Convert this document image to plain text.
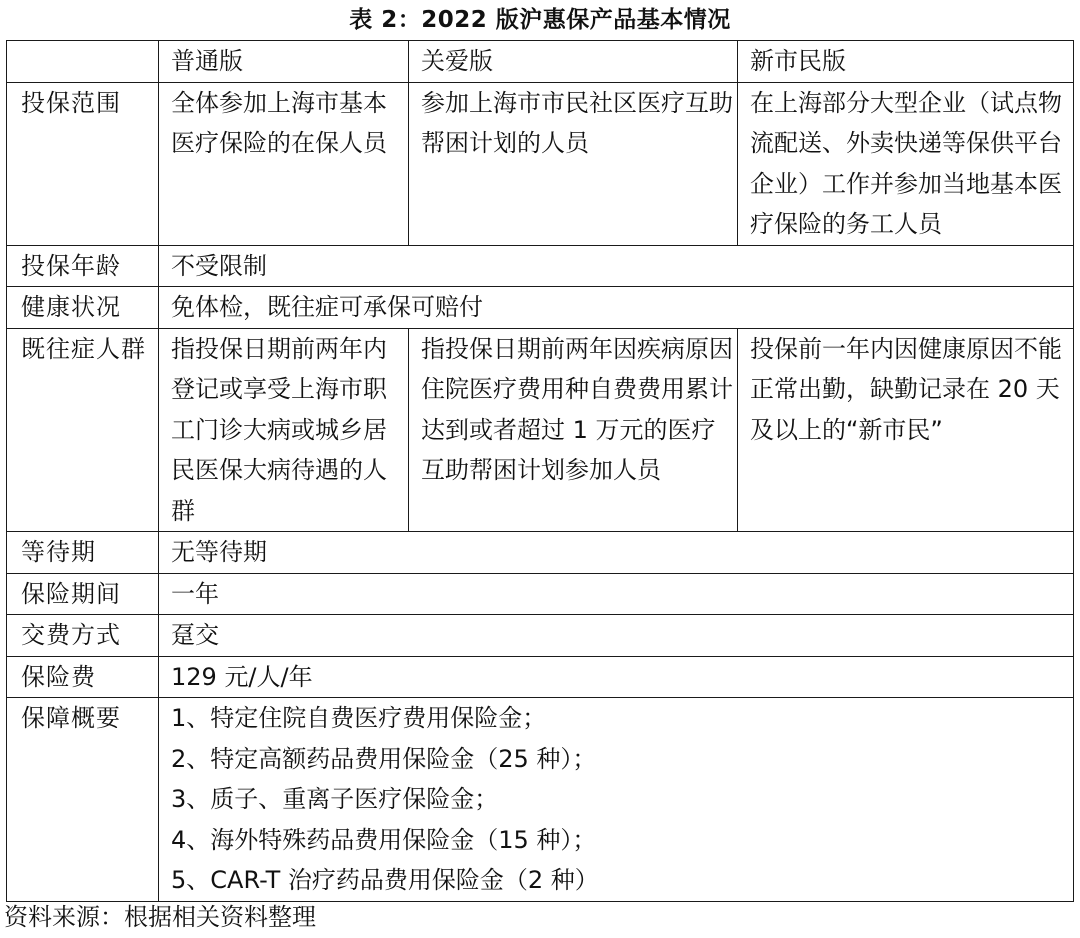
表 2：2022 版沪惠保产品基本情况
	普通版	关爱版	新市民版
投保范围	全体参加上海市基本医疗保险的在保人员	参加上海市市民社区医疗互助帮困计划的人员	在上海部分大型企业（试点物流配送、外卖快递等保供平台企业）工作并参加当地基本医疗保险的务工人员
投保年龄	不受限制		
健康状况	免体检，既往症可承保可赔付		
既往症人群	指投保日期前两年内登记或享受上海市职工门诊大病或城乡居民医保大病待遇的人群	指投保日期前两年因疾病原因住院医疗费用种自费费用累计达到或者超过 1 万元的医疗互助帮困计划参加人员	投保前一年内因健康原因不能正常出勤，缺勤记录在 20 天及以上的“新市民”
等待期	无等待期		
保险期间	一年		
交费方式	趸交		
保险费	129 元/人/年		
保障概要	1、特定住院自费医疗费用保险金；
2、特定高额药品费用保险金（25 种）；
3、质子、重离子医疗保险金；
4、海外特殊药品费用保险金（15 种）；
5、CAR-T 治疗药品费用保险金（2 种）		
资料来源：根据相关资料整理
